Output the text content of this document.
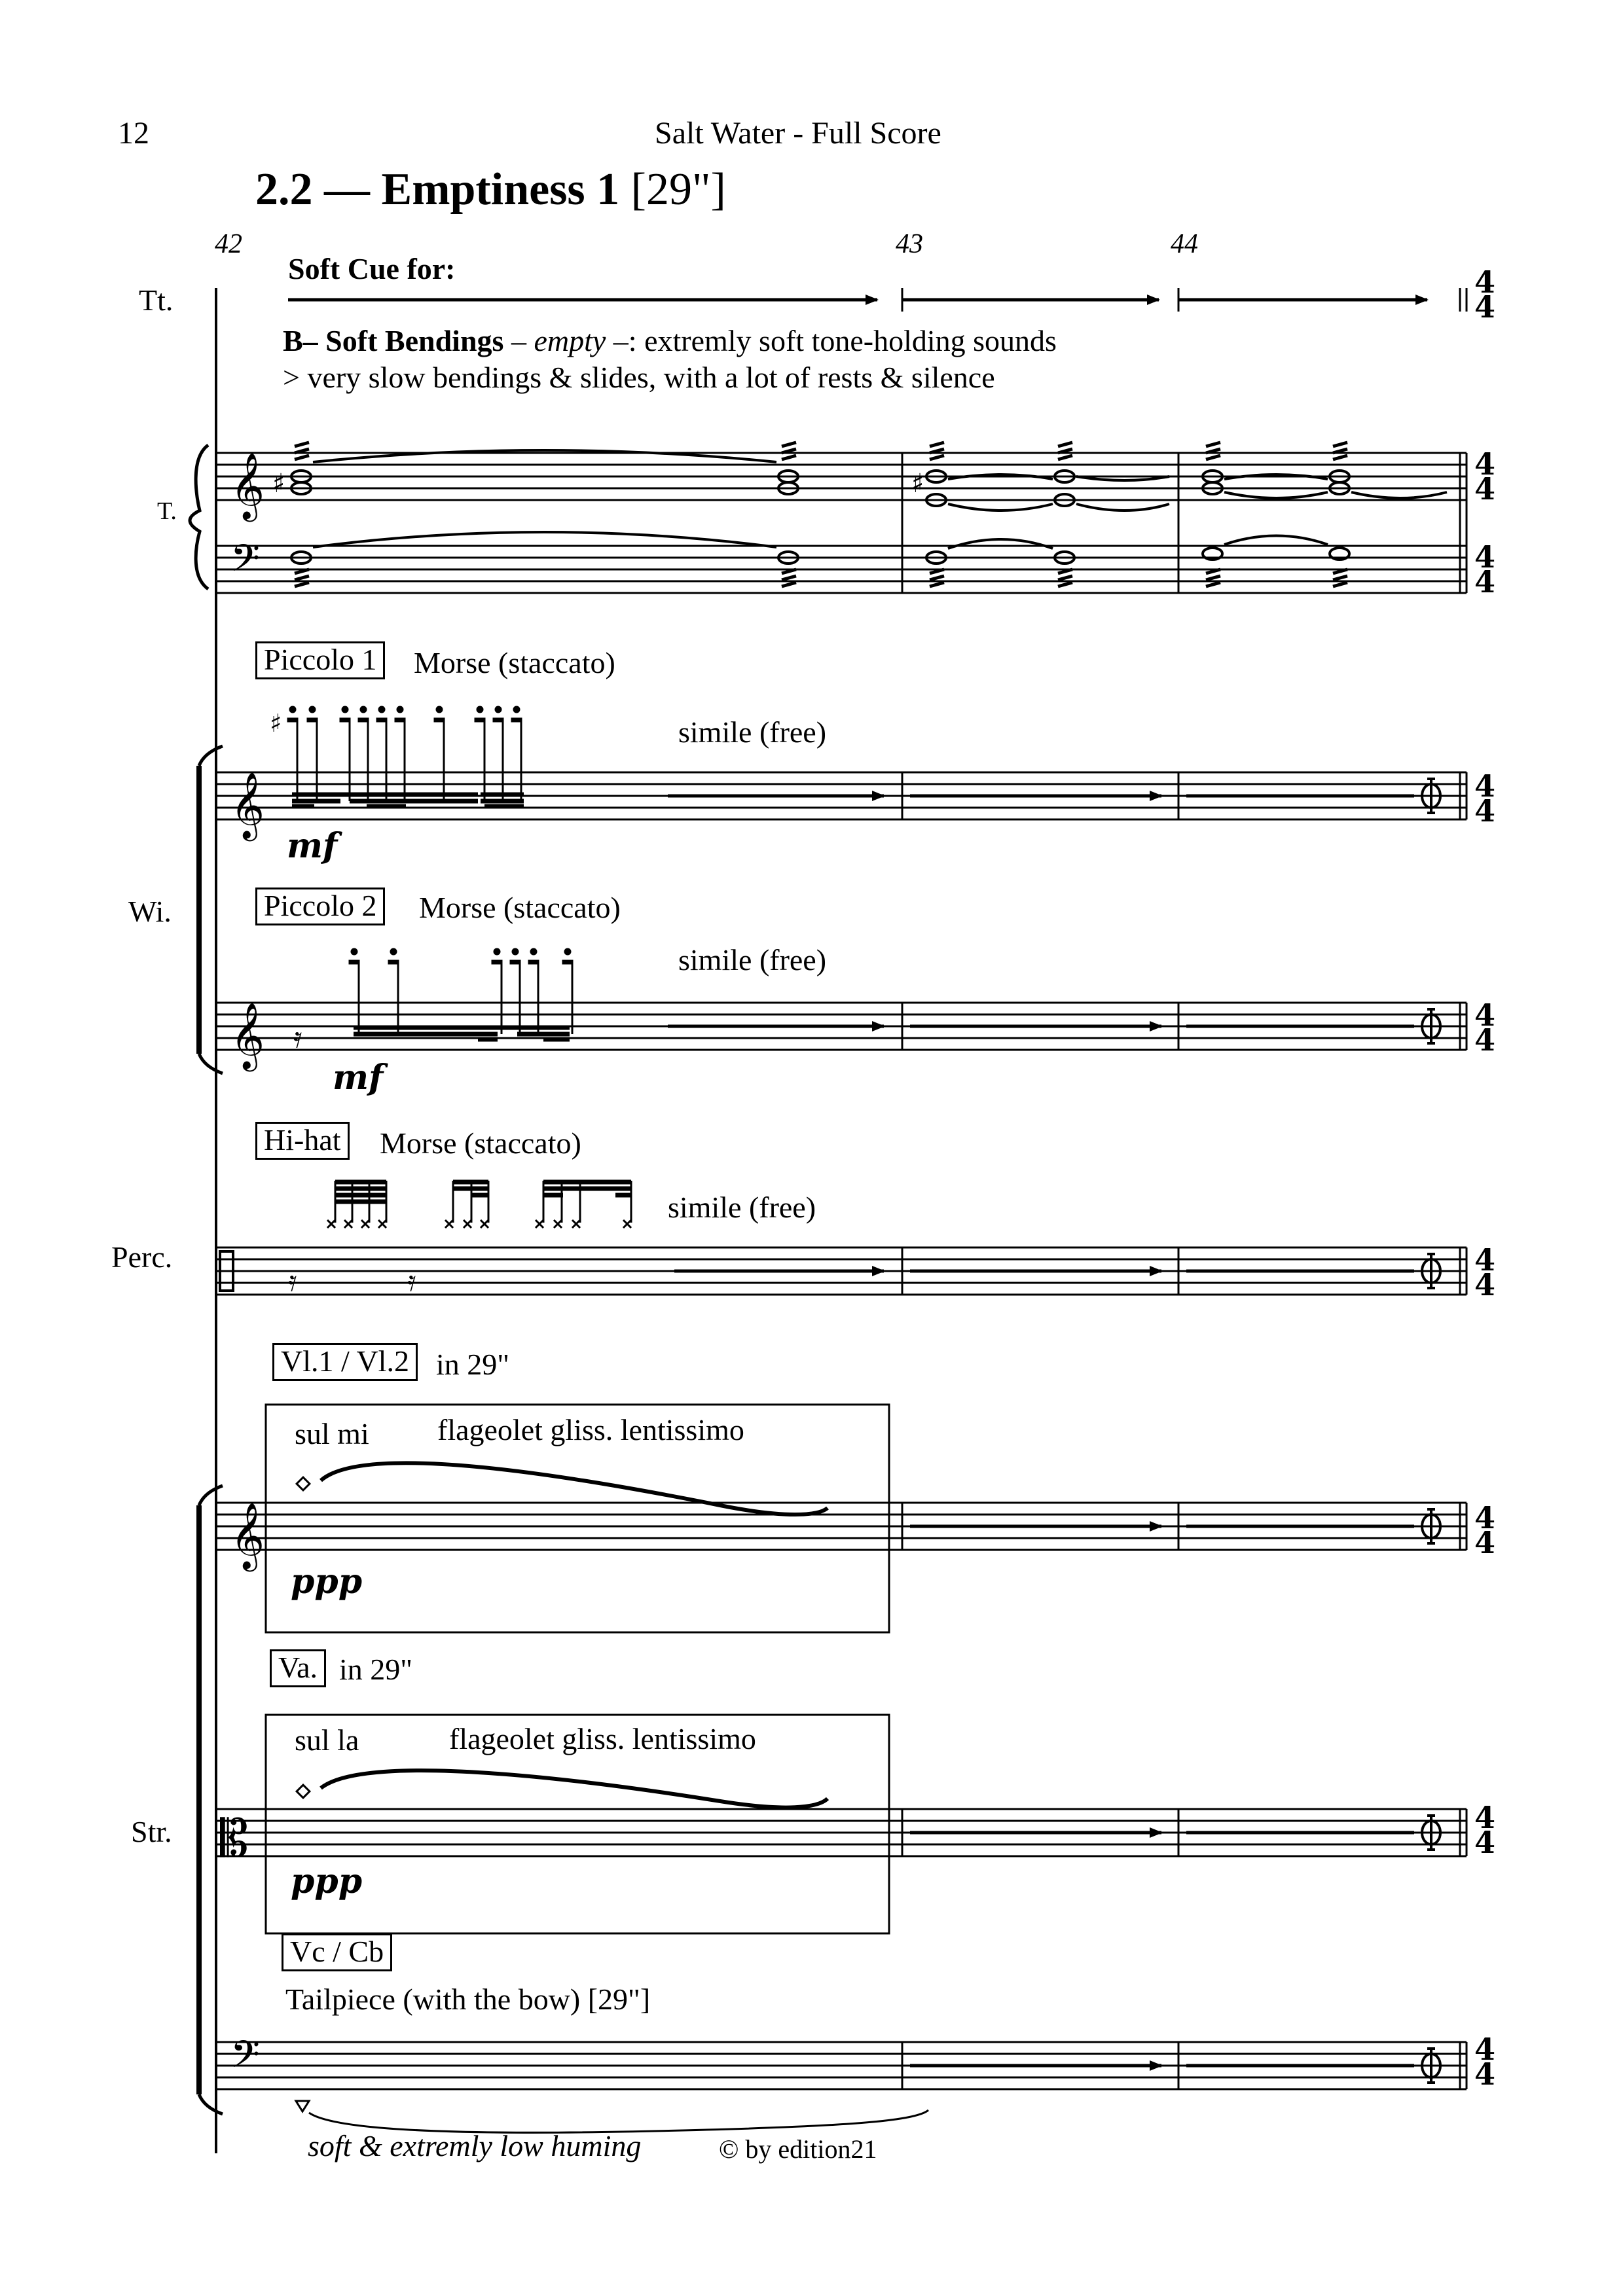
12	Salt Water - Full Score
2.2 — Emptiness 1 [29"]
42	43	44
Tt.
T.
Wi.
Perc.
Str.
Soft Cue for:
B– Soft Bendings – empty –: extremly soft tone-holding sounds
> very slow bendings & slides, with a lot of rests & silence
Piccolo 1 Morse (staccato)
simile (free)
mf
Piccolo 2 Morse (staccato)
simile (free)
mf
Hi-hat Morse (staccato)
simile (free)
Vl.1 / Vl.2 in 29"
sul mi flageolet gliss. lentissimo
ppp
Va. in 29"
sul la	flageolet gliss. lentissimo
ppp
Vc / Cb
Tailpiece (with the bow) [29"]
soft & extremly low huming	© by edition21
4
4
4
4
4
4
4
4
4
4
4
4
4
4
4
4
4
4
𝄞
𝄢
♯	♯
𝄞
♯
𝄞 𝄿
𝄿	𝄿
𝄞
𝄡
𝄢
